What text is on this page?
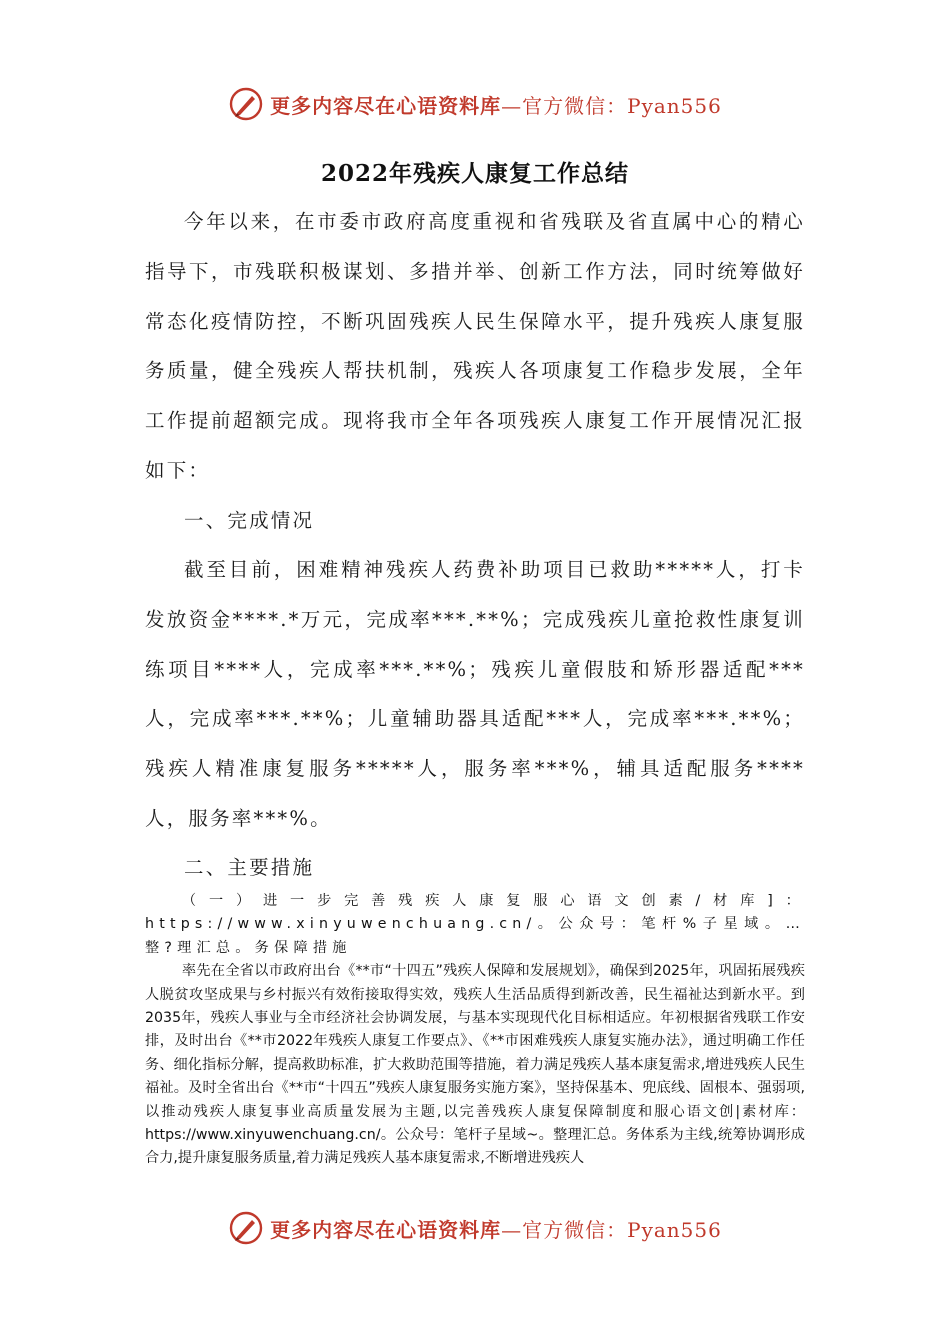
更多内容尽在心语资料库—官方微信：Pyan556
2022年残疾人康复工作总结

今年以来，在市委市政府高度重视和省残联及省直属中心的精心指导下，市残联积极谋划、多措并举、创新工作方法，同时统筹做好常态化疫情防控，不断巩固残疾人民生保障水平，提升残疾人康复服务质量，健全残疾人帮扶机制，残疾人各项康复工作稳步发展，全年工作提前超额完成。现将我市全年各项残疾人康复工作开展情况汇报如下：

一、完成情况

截至目前，困难精神残疾人药费补助项目已救助*****人，打卡发放资金****.*万元，完成率***.**%；完成残疾儿童抢救性康复训练项目****人，完成率***.**%；残疾儿童假肢和矫形器适配***人，完成率***.**%；儿童辅助器具适配***人，完成率***.**%；残疾人精准康复服务*****人，服务率***%，辅具适配服务****人，服务率***%。

二、主要措施

（一）进一步完善残疾人康复服心语文创素/材库]：https://www.xinyuwenchuang.cn/。公众号：笔杆%子星域。…整?理汇总。务保障措施

率先在全省以市政府出台《**市“十四五”残疾人保障和发展规划》，确保到2025年，巩固拓展残疾人脱贫攻坚成果与乡村振兴有效衔接取得实效，残疾人生活品质得到新改善，民生福祉达到新水平。到2035年，残疾人事业与全市经济社会协调发展，与基本实现现代化目标相适应。年初根据省残联工作安排，及时出台《**市2022年残疾人康复工作要点》、《**市困难残疾人康复实施办法》，通过明确工作任务、细化指标分解，提高救助标准，扩大救助范围等措施，着力满足残疾人基本康复需求,增进残疾人民生福祉。及时全省出台《**市“十四五”残疾人康复服务实施方案》，坚持保基本、兜底线、固根本、强弱项,以推动残疾人康复事业高质量发展为主题,以完善残疾人康复保障制度和服心语文创|素材库：https://www.xinyuwenchuang.cn/。公众号：笔杆子星域~。整理汇总。务体系为主线,统筹协调形成合力,提升康复服务质量,着力满足残疾人基本康复需求,不断增进残疾人

更多内容尽在心语资料库—官方微信：Pyan556
